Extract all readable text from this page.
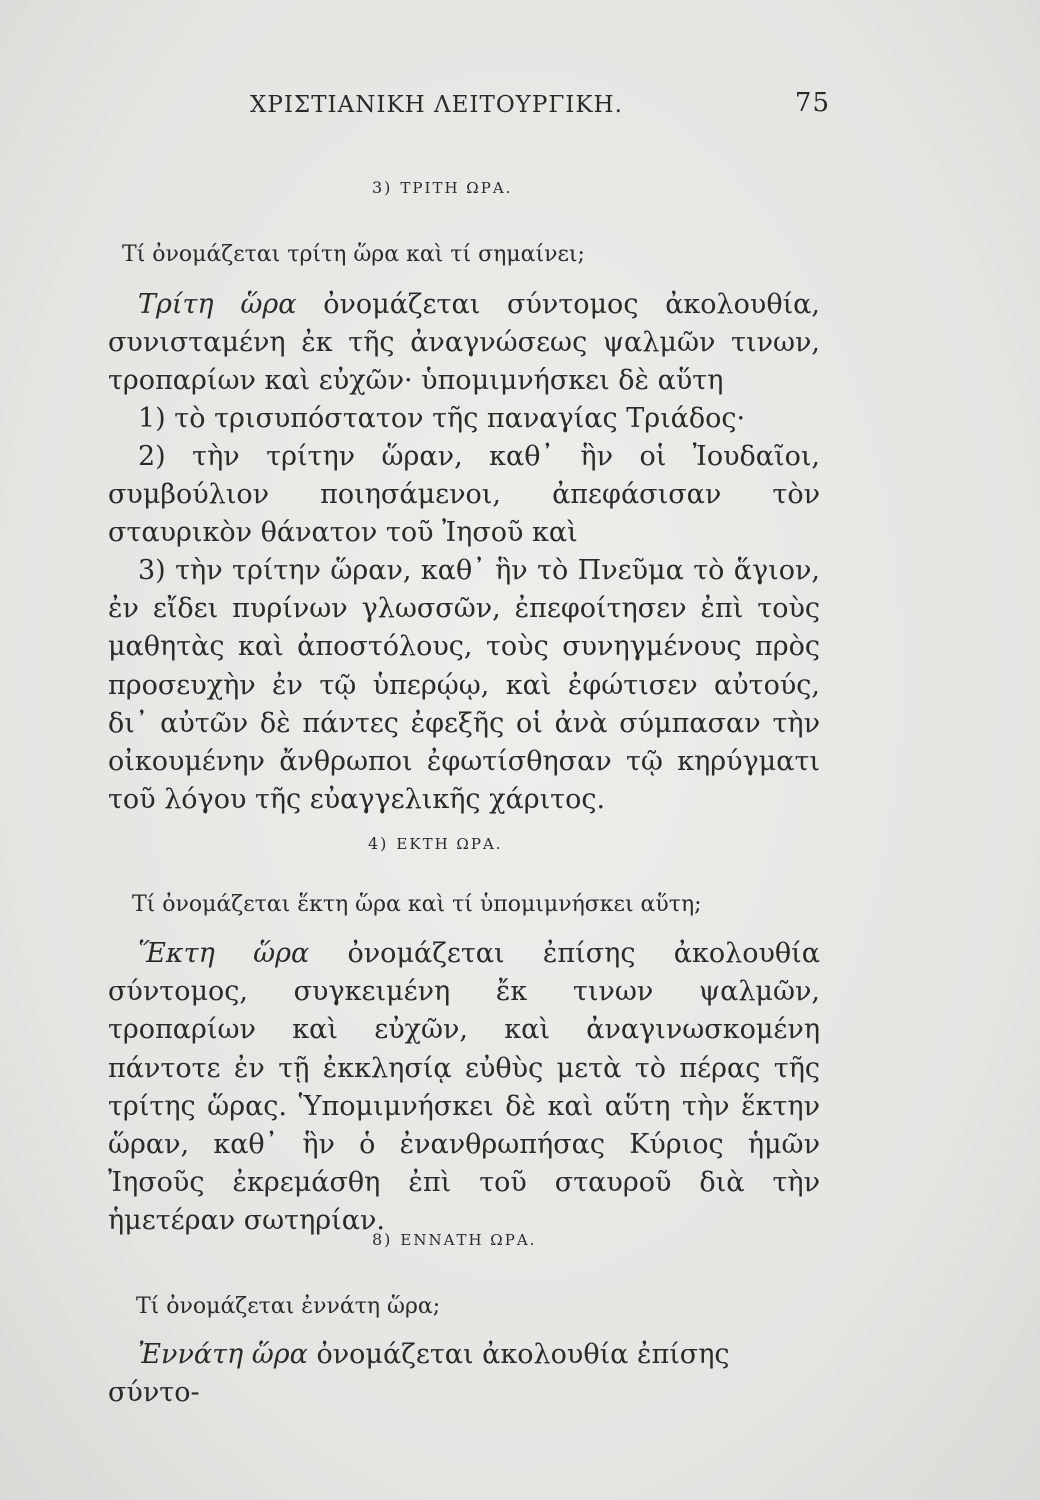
ΧΡΙΣΤΙΑΝΙΚΗ ΛΕΙΤΟΥΡΓΙΚΗ.	75
3) ΤΡΙΤΗ ΩΡΑ.
Τί ὀνομάζεται τρίτη ὥρα καὶ τί σημαίνει;
Τρίτη ὥρα ὀνομάζεται σύντομος ἀκολουθία, συνισταμένη ἐκ τῆς ἀναγνώσεως ψαλμῶν τινων, τροπαρίων καὶ εὐχῶν· ὑπομιμνήσκει δὲ αὕτη
1) τὸ τρισυπόστατον τῆς παναγίας Τριάδος·
2) τὴν τρίτην ὥραν, καθ᾿ ἣν οἱ Ἰουδαῖοι, συμβούλιον ποιησάμενοι, ἀπεφάσισαν τὸν σταυρικὸν θάνατον τοῦ Ἰησοῦ καὶ
3) τὴν τρίτην ὥραν, καθ᾿ ἣν τὸ Πνεῦμα τὸ ἅγιον, ἐν εἴδει πυρίνων γλωσσῶν, ἐπεφοίτησεν ἐπὶ τοὺς μαθητὰς καὶ ἀποστόλους, τοὺς συνηγμένους πρὸς προσευχὴν ἐν τῷ ὑπερῴῳ, καὶ ἐφώτισεν αὐτούς, δι᾿ αὐτῶν δὲ πάντες ἐφεξῆς οἱ ἀνὰ σύμπασαν τὴν οἰκουμένην ἄνθρωποι ἐφωτίσθησαν τῷ κηρύγματι τοῦ λόγου τῆς εὐαγγελικῆς χάριτος.
4) ΕΚΤΗ ΩΡΑ.
Τί ὀνομάζεται ἕκτη ὥρα καὶ τί ὑπομιμνήσκει αὕτη;
Ἕκτη ὥρα ὀνομάζεται ἐπίσης ἀκολουθία σύντομος, συγκειμένη ἔκ τινων ψαλμῶν, τροπαρίων καὶ εὐχῶν, καὶ ἀναγινωσκομένη πάντοτε ἐν τῇ ἐκκλησίᾳ εὐθὺς μετὰ τὸ πέρας τῆς τρίτης ὥρας. Ὑπομιμνήσκει δὲ καὶ αὕτη τὴν ἕκτην ὥραν, καθ᾿ ἣν ὁ ἐνανθρωπήσας Κύριος ἡμῶν Ἰησοῦς ἐκρεμάσθη ἐπὶ τοῦ σταυροῦ διὰ τὴν ἡμετέραν σωτηρίαν.
8) ΕΝΝΑΤΗ ΩΡΑ.
Τί ὀνομάζεται ἐννάτη ὥρα;
Ἐννάτη ὥρα ὀνομάζεται ἀκολουθία ἐπίσης σύντο-
